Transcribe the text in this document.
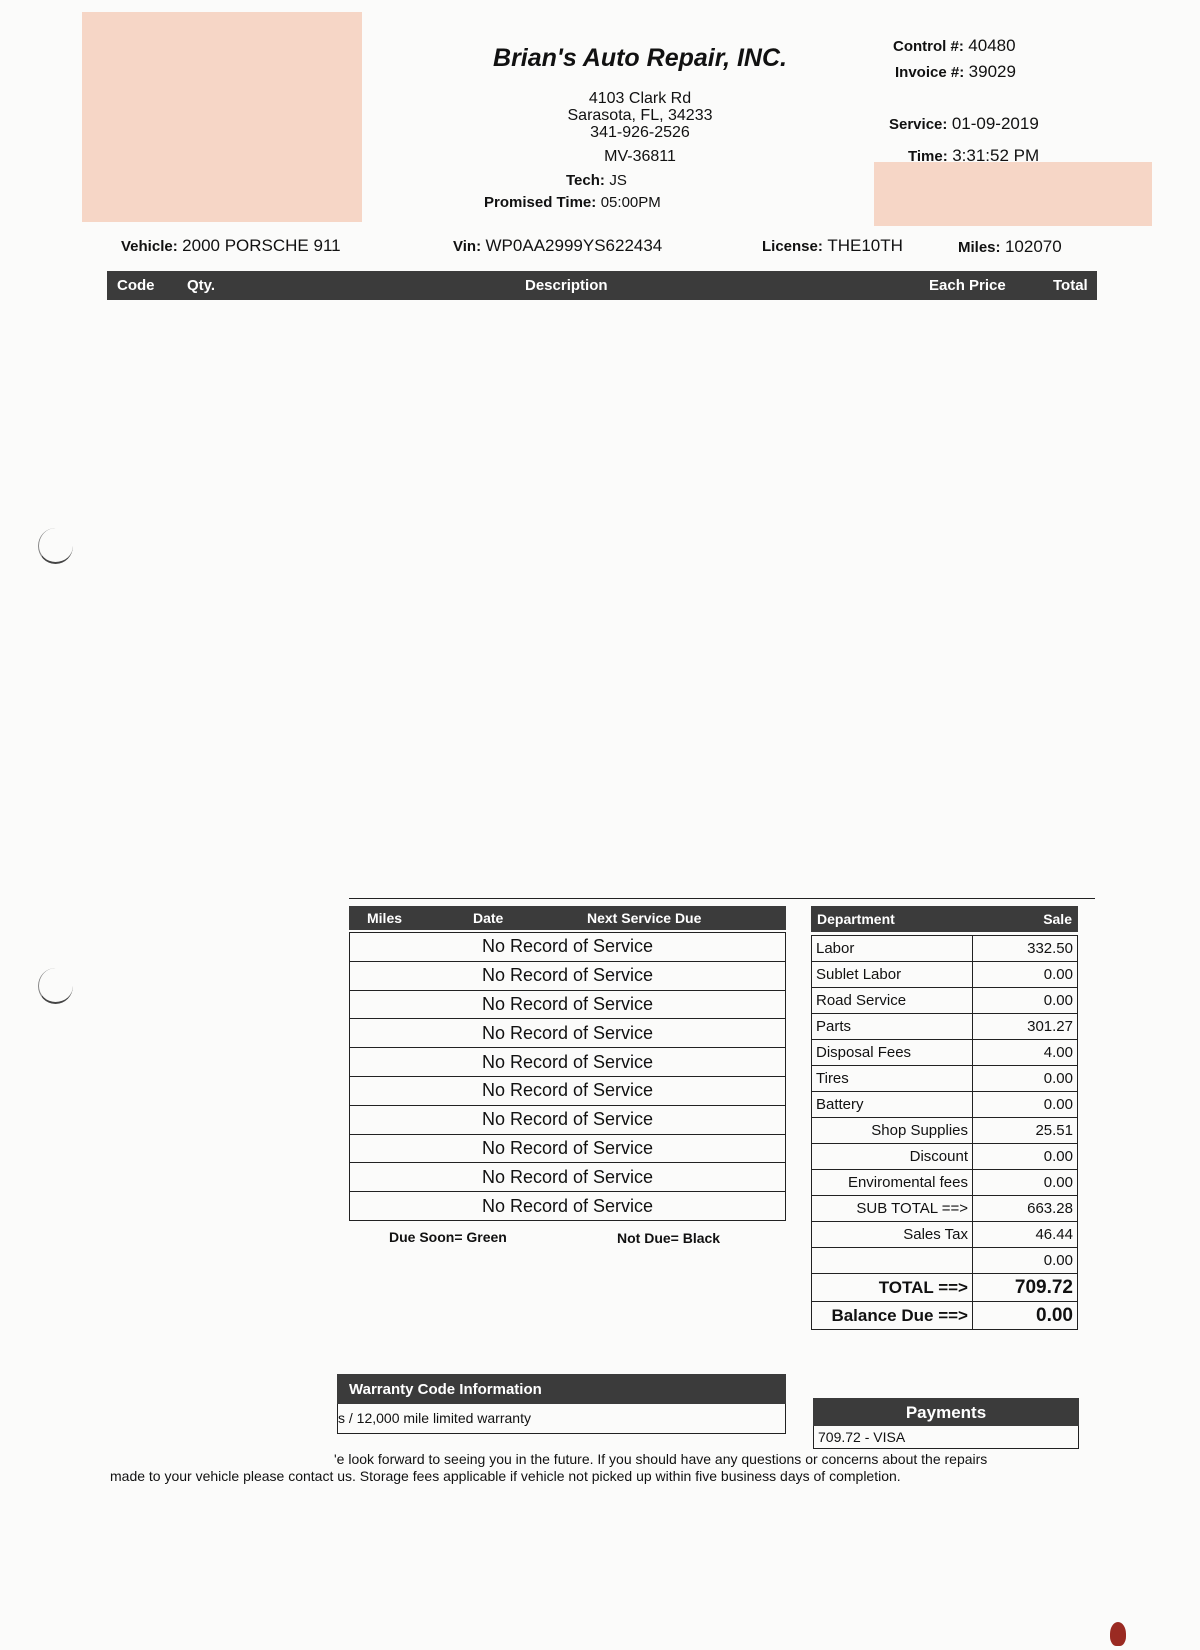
Brian's Auto Repair, INC.
4103 Clark Rd
Sarasota, FL, 34233
341-926-2526
MV-36811
Tech: JS
Promised Time: 05:00PM
Control #: 40480
Invoice #: 39029
Service: 01-09-2019
Time: 3:31:52 PM
Vehicle: 2000 PORSCHE 911	Vin: WP0AA2999YS622434	License: THE10TH	Miles: 102070
Code Qty.	Description	Each Price	Total
Miles	Date	Next Service Due
No Record of Service
No Record of Service
No Record of Service
No Record of Service
No Record of Service
No Record of Service
No Record of Service
No Record of Service
No Record of Service
No Record of Service
Due Soon= Green	Not Due= Black
Department	Sale
Labor	332.50
Sublet Labor	0.00
Road Service	0.00
Parts	301.27
Disposal Fees	4.00
Tires	0.00
Battery	0.00
Shop Supplies	25.51
Discount	0.00
Enviromental fees	0.00
SUB TOTAL ==>	663.28
Sales Tax	46.44
	0.00
TOTAL ==>	709.72
Balance Due ==>	0.00
Warranty Code Information
s / 12,000 mile limited warranty	Payments
709.72 - VISA
'e look forward to seeing you in the future. If you should have any questions or concerns about the repairs
made to your vehicle please contact us. Storage fees applicable if vehicle not picked up within five business days of completion.
